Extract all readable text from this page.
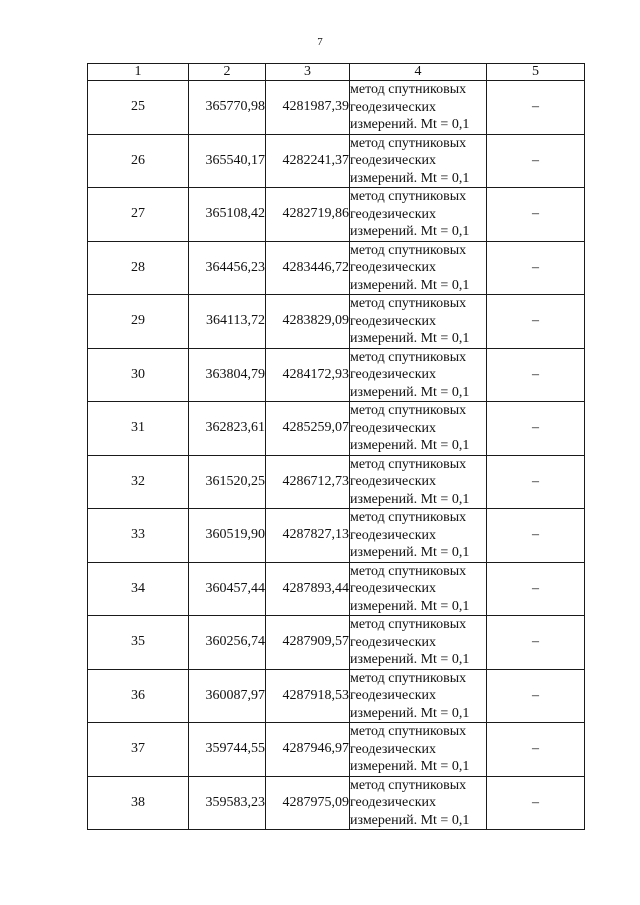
7
1	2	3	4	5
25	365770,98	4281987,39	метод спутниковых
геодезических
измерений. Mt = 0,1	–
26	365540,17	4282241,37	метод спутниковых
геодезических
измерений. Mt = 0,1	–
27	365108,42	4282719,86	метод спутниковых
геодезических
измерений. Mt = 0,1	–
28	364456,23	4283446,72	метод спутниковых
геодезических
измерений. Mt = 0,1	–
29	364113,72	4283829,09	метод спутниковых
геодезических
измерений. Mt = 0,1	–
30	363804,79	4284172,93	метод спутниковых
геодезических
измерений. Mt = 0,1	–
31	362823,61	4285259,07	метод спутниковых
геодезических
измерений. Mt = 0,1	–
32	361520,25	4286712,73	метод спутниковых
геодезических
измерений. Mt = 0,1	–
33	360519,90	4287827,13	метод спутниковых
геодезических
измерений. Mt = 0,1	–
34	360457,44	4287893,44	метод спутниковых
геодезических
измерений. Mt = 0,1	–
35	360256,74	4287909,57	метод спутниковых
геодезических
измерений. Mt = 0,1	–
36	360087,97	4287918,53	метод спутниковых
геодезических
измерений. Mt = 0,1	–
37	359744,55	4287946,97	метод спутниковых
геодезических
измерений. Mt = 0,1	–
38	359583,23	4287975,09	метод спутниковых
геодезических
измерений. Mt = 0,1	–
